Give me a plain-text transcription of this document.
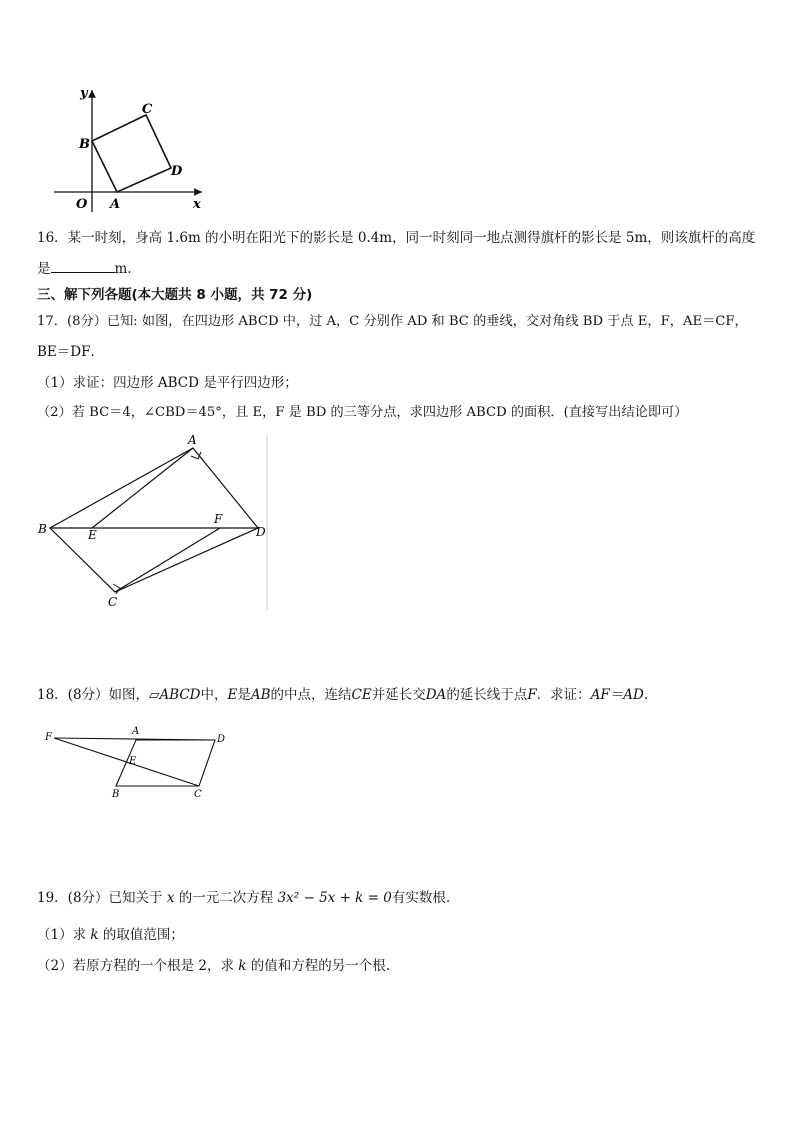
y
x
O A
B
C
D
16．某一时刻，身高 1.6m 的小明在阳光下的影长是 0.4m，同一时刻同一地点测得旗杆的影长是 5m，则该旗杆的高度
是	m.
三、解下列各题(本大题共 8 小题，共 72 分)
17．(8分）已知: 如图，在四边形 ABCD 中，过 A，C 分别作 AD 和 BC 的垂线，交对角线 BD 于点 E，F，AE＝CF，
BE＝DF．
（1）求证：四边形 ABCD 是平行四边形；
（2）若 BC＝4，∠CBD＝45°，且 E，F 是 BD 的三等分点，求四边形 ABCD 的面积．(直接写出结论即可）
A
B
C
D
E
F
18．(8分）如图，▱ABCD中，E是AB的中点，连结CE并延长交DA的延长线于点F．求证：AF＝AD．
F
A
D
E
B	C
19．(8分）已知关于 x 的一元二次方程 3x² − 5x + k = 0有实数根.
（1）求 k 的取值范围；
（2）若原方程的一个根是 2，求 k 的值和方程的另一个根.
